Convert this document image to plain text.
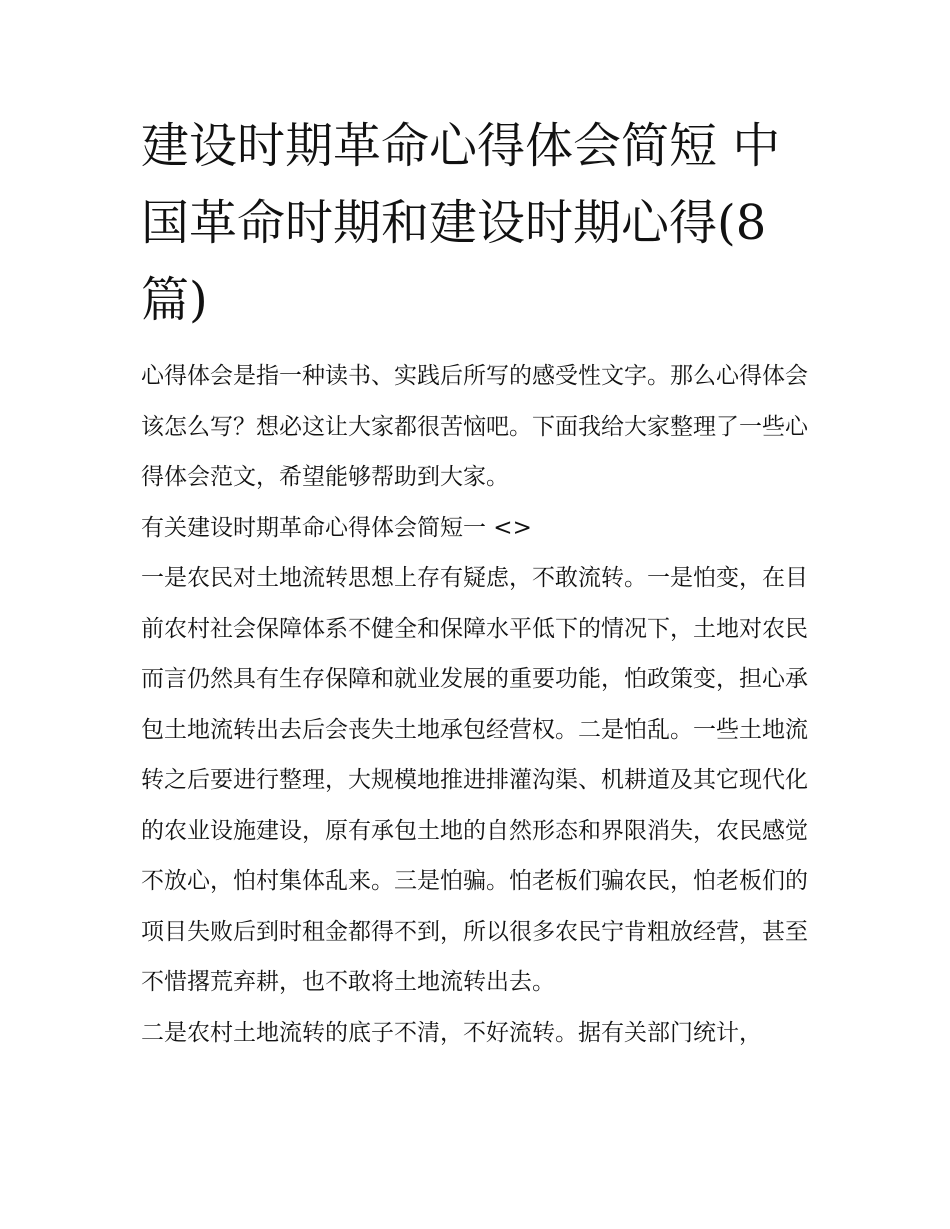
建设时期革命心得体会简短 中国革命时期和建设时期心得(8篇)

心得体会是指一种读书、实践后所写的感受性文字。那么心得体会该怎么写？想必这让大家都很苦恼吧。下面我给大家整理了一些心得体会范文，希望能够帮助到大家。

有关建设时期革命心得体会简短一 <>

一是农民对土地流转思想上存有疑虑，不敢流转。一是怕变，在目前农村社会保障体系不健全和保障水平低下的情况下，土地对农民而言仍然具有生存保障和就业发展的重要功能，怕政策变，担心承包土地流转出去后会丧失土地承包经营权。二是怕乱。一些土地流转之后要进行整理，大规模地推进排灌沟渠、机耕道及其它现代化的农业设施建设，原有承包土地的自然形态和界限消失，农民感觉不放心，怕村集体乱来。三是怕骗。怕老板们骗农民，怕老板们的项目失败后到时租金都得不到，所以很多农民宁肯粗放经营，甚至不惜撂荒弃耕，也不敢将土地流转出去。

二是农村土地流转的底子不清，不好流转。据有关部门统计，
